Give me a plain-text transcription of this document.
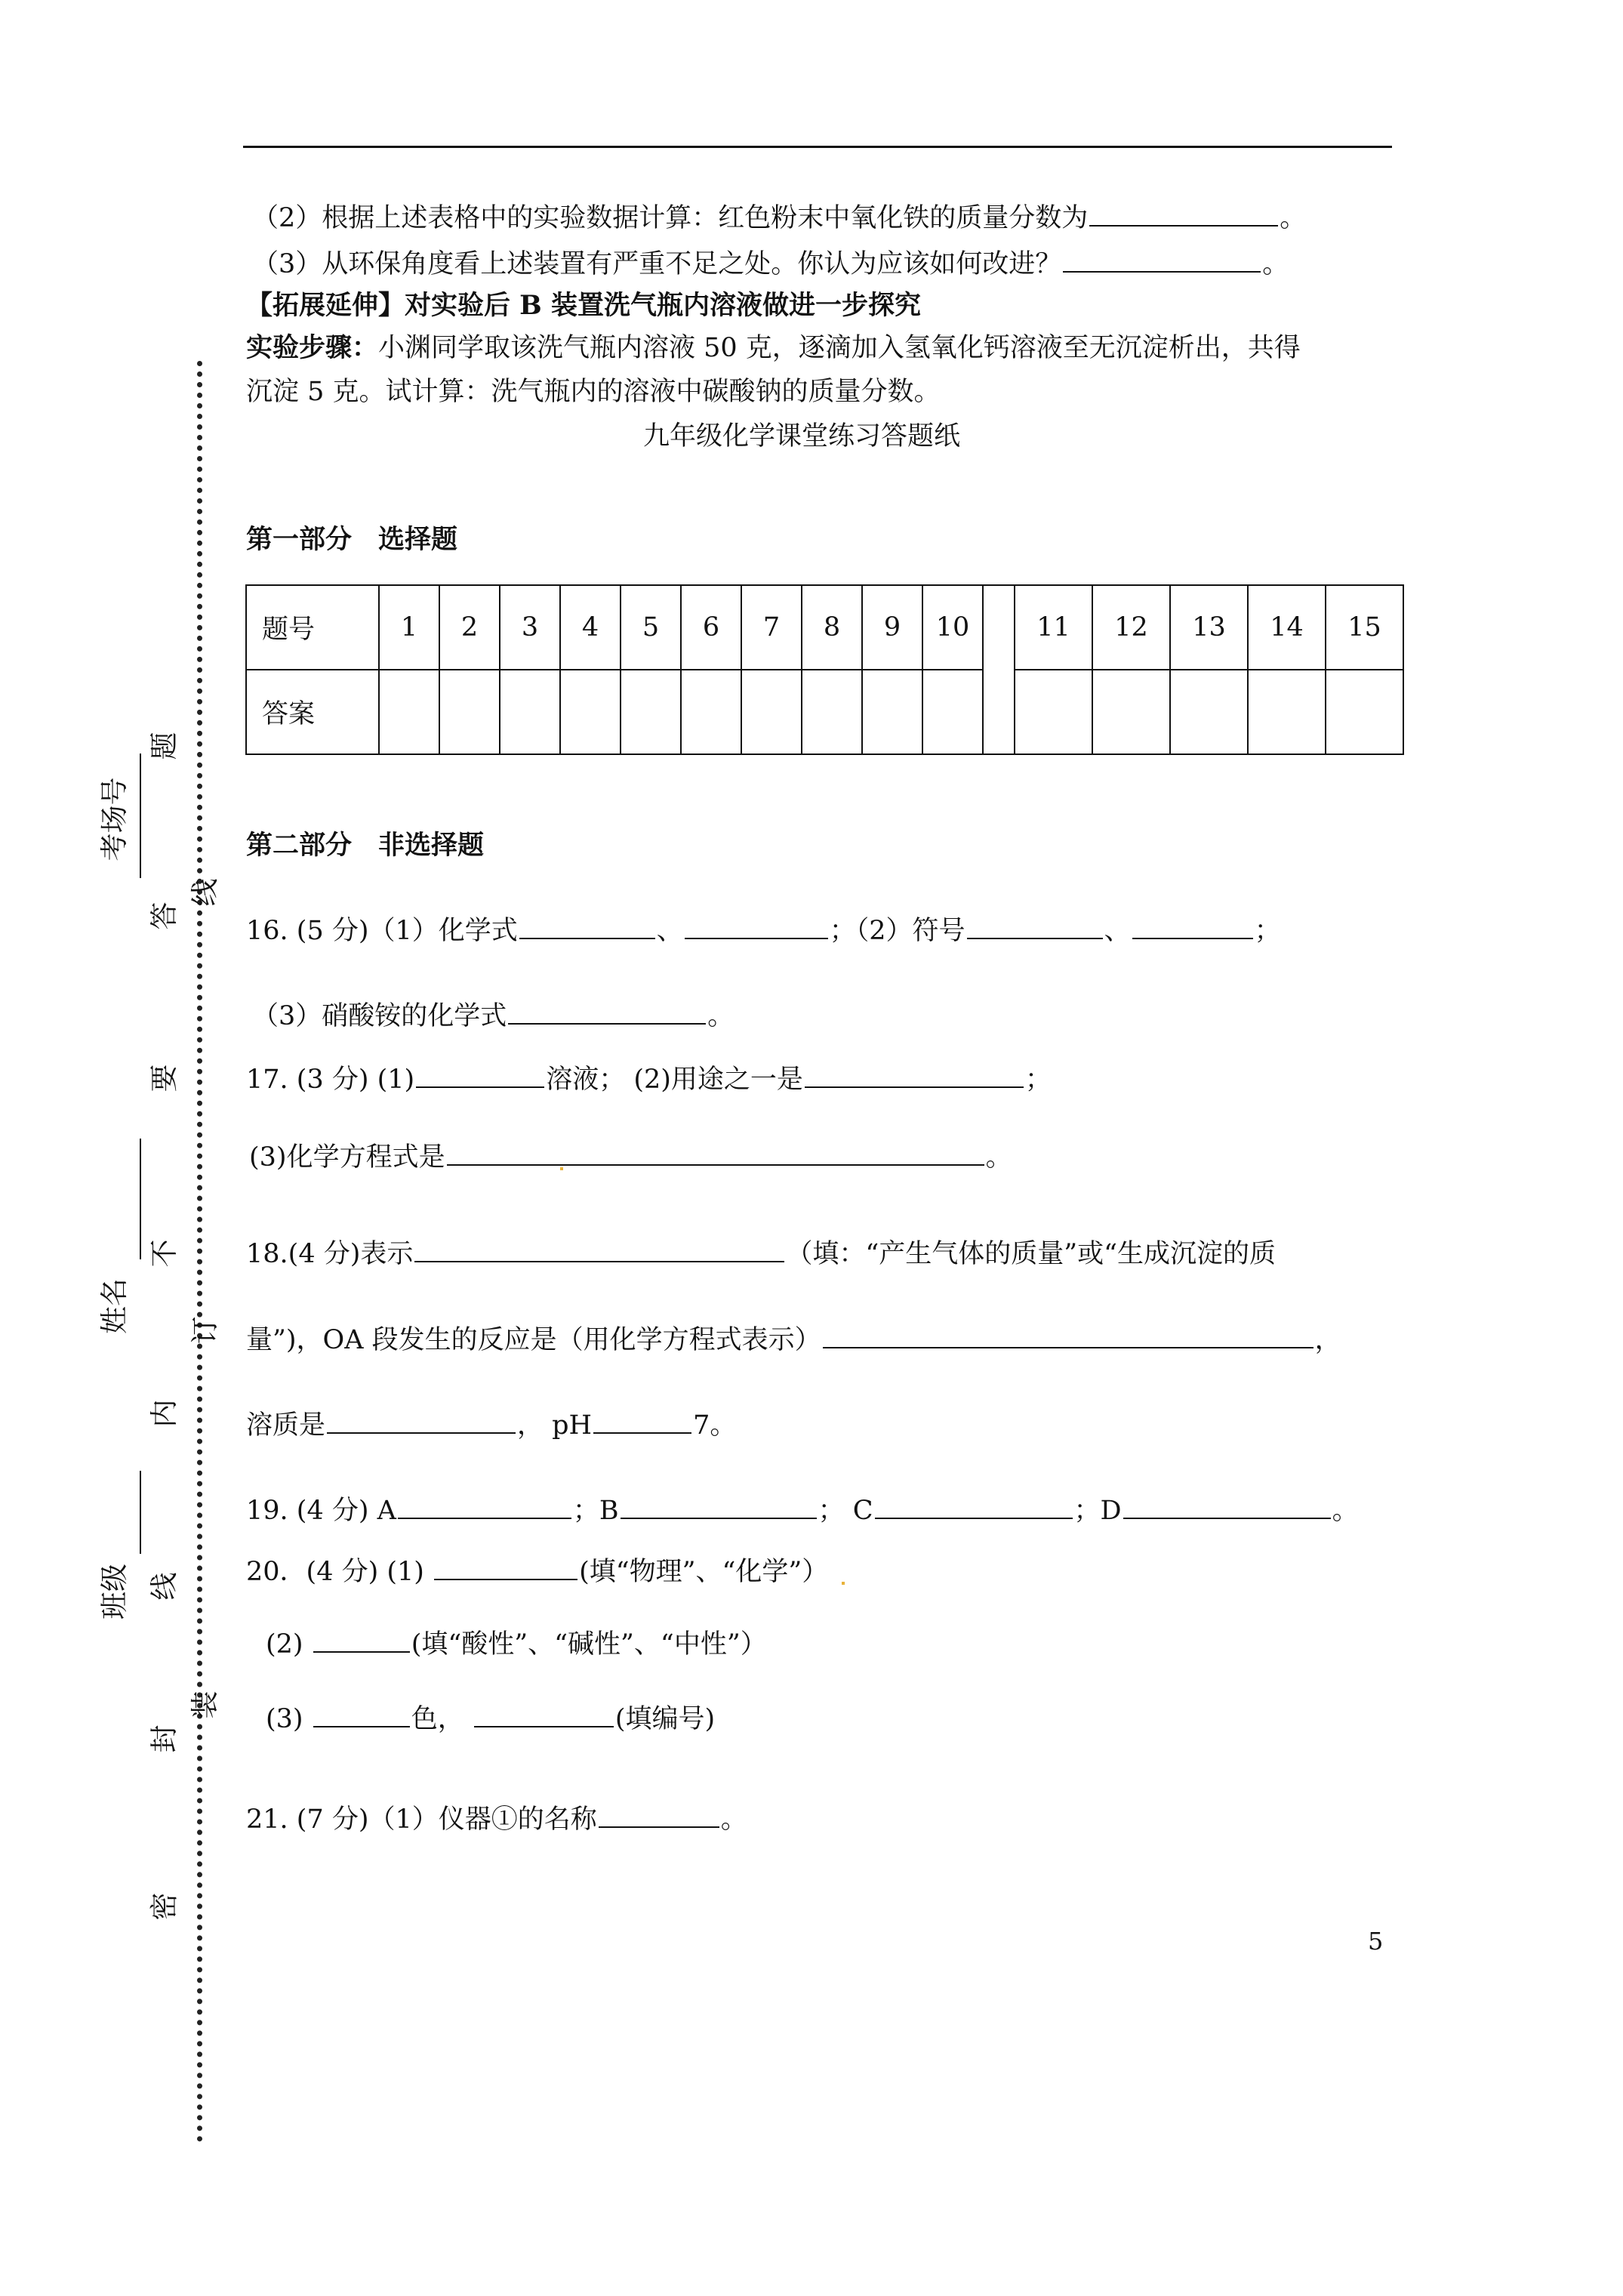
（2）根据上述表格中的实验数据计算：红色粉末中氧化铁的质量分数为	。
（3）从环保角度看上述装置有严重不足之处。你认为应该如何改进？	。
【拓展延伸】对实验后 B 装置洗气瓶内溶液做进一步探究
实验步骤：小渊同学取该洗气瓶内溶液 50 克，逐滴加入氢氧化钙溶液至无沉淀析出，共得
沉淀 5 克。试计算：洗气瓶内的溶液中碳酸钠的质量分数。
九年级化学课堂练习答题纸
第一部分　选择题
题号	1	2	3	4	5	6	7	8	9	10		11	12	13	14	15
答案																
第二部分　非选择题
16. (5 分)（1）化学式	、	；（2）符号	、	；
（3）硝酸铵的化学式	。
17. (3 分) (1)	溶液； (2)用途之一是	；
(3)化学方程式是	。
18.(4 分)表示	（填：“产生气体的质量”或“生成沉淀的质
量”)，OA 段发生的反应是（用化学方程式表示）	，
溶质是	， pH	7。
19. (4 分) A	；B	； C	；D	。
20．(4 分) (1)	(填“物理”、“化学”）
(2)	(填“酸性”、“碱性”、“中性”）
(3)	色，	(填编号)
21. (7 分)（1）仪器①的名称	。
5
考场号
姓名
班级
题
答
要
不
内
线
封
密
线
订
装
